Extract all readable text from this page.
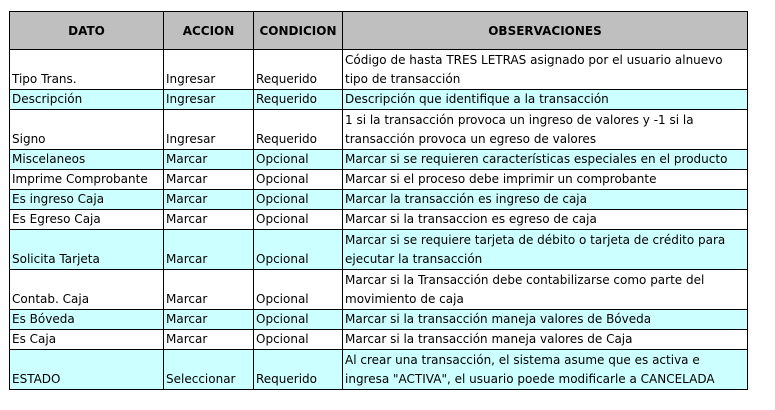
DATO	ACCION	CONDICION	OBSERVACIONES
Tipo Trans.	Ingresar	Requerido	Código de hasta TRES LETRAS asignado por el usuario alnuevo tipo de transacción
Descripción	Ingresar	Requerido	Descripción que identifique a la transacción
Signo	Ingresar	Requerido	1 si la transacción provoca un ingreso de valores y -1 si la transacción provoca un egreso de valores
Miscelaneos	Marcar	Opcional	Marcar si se requieren características especiales en el producto
Imprime Comprobante	Marcar	Opcional	Marcar si el proceso debe imprimir un comprobante
Es ingreso Caja	Marcar	Opcional	Marcar la transacción es ingreso de caja
Es Egreso Caja	Marcar	Opcional	Marcar si la transaccion es egreso de caja
Solicita Tarjeta	Marcar	Opcional	Marcar si se requiere tarjeta de débito o tarjeta de crédito para ejecutar la transacción
Contab. Caja	Marcar	Opcional	Marcar si la Transacción debe contabilizarse como parte del movimiento de caja
Es Bóveda	Marcar	Opcional	Marcar si la transacción maneja valores de Bóveda
Es Caja	Marcar	Opcional	Marcar si la transacción maneja valores de Caja
ESTADO	Seleccionar	Requerido	Al crear una transacción, el sistema asume que es activa e ingresa "ACTIVA", el usuario poede modificarle a CANCELADA
